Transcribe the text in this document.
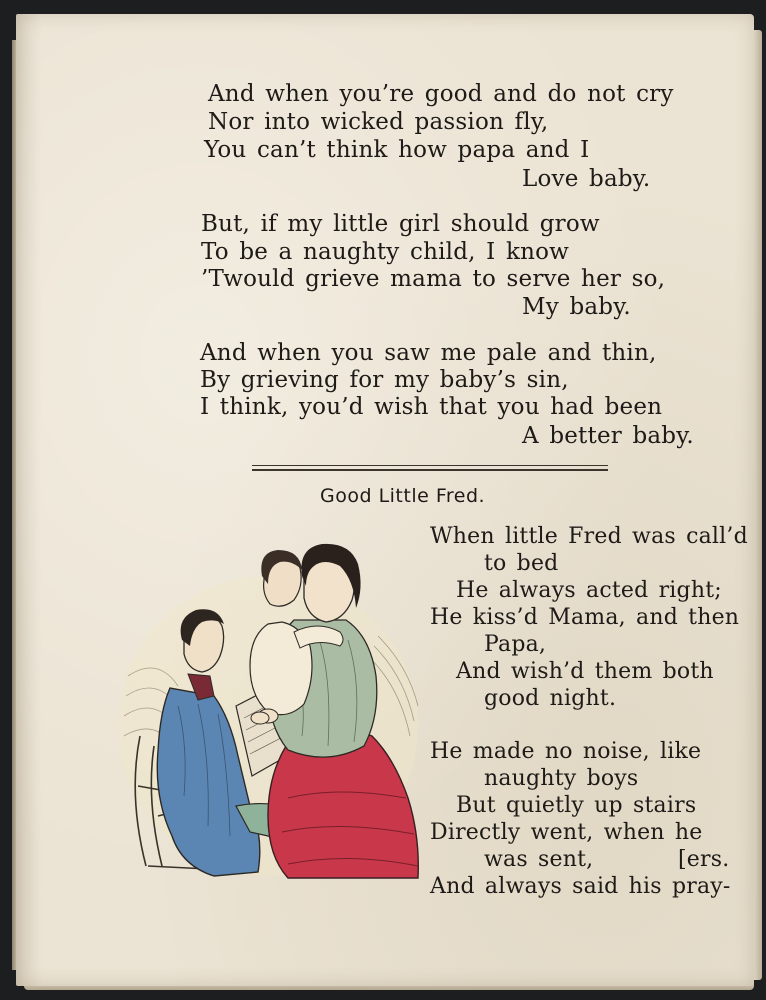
And when you’re good and do not cry
Nor into wicked passion fly,
You can’t think how papa and I
Love baby.
But, if my little girl should grow
To be a naughty child, I know
’Twould grieve mama to serve her so,
My baby.
And when you saw me pale and thin,
By grieving for my baby’s sin,
I think, you’d wish that you had been
A better baby.
Good Little Fred.
When little Fred was call’d
to bed
He always acted right;
He kiss’d Mama, and then
Papa,
And wish’d them both
good night.
He made no noise, like
naughty boys
But quietly up stairs
Directly went, when he
was sent,	[ers.
And always said his pray-
